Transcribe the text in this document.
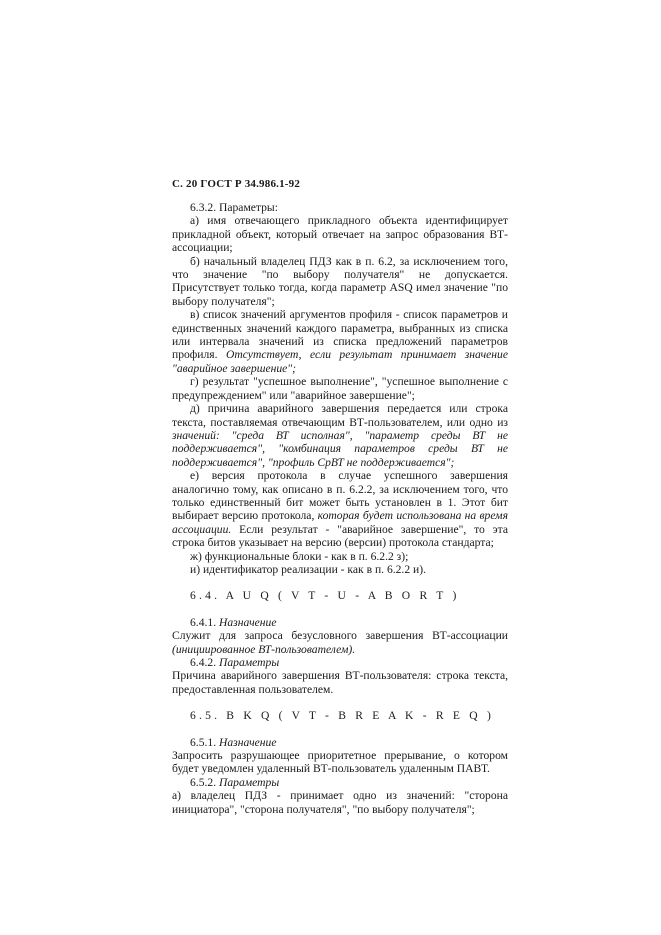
С. 20 ГОСТ Р 34.986.1-92

6.3.2. Параметры:

а) имя отвечающего прикладного объекта идентифицирует прикладной объект, который отвечает на запрос образования ВТ-ассоциации;

б) начальный владелец ПДЗ как в п. 6.2, за исключением того, что значение "по выбору получателя" не допускается. Присутствует только тогда, когда параметр ASQ имел значение "по выбору получателя";

в) список значений аргументов профиля - список параметров и единственных значений каждого параметра, выбранных из списка или интервала значений из списка предложений параметров профиля. Отсутствует, если результат принимает значение "аварийное завершение";

г) результат "успешное выполнение", "успешное выполнение с предупреждением" или "аварийное завершение";

д) причина аварийного завершения передается или строка текста, поставляемая отвечающим ВТ-пользователем, или одно из значений: "среда ВТ исполная", "параметр среды ВТ не поддерживается", "комбинация параметров среды ВТ не поддерживается", "профиль СрВТ не поддерживается";

е) версия протокола в случае успешного завершения аналогично тому, как описано в п. 6.2.2, за исключением того, что только единственный бит может быть установлен в 1. Этот бит выбирает версию протокола, которая будет использована на время ассоциации. Если результат - "аварийное завершение", то эта строка битов указывает на версию (версии) протокола стандарта;

ж) функциональные блоки - как в п. 6.2.2 з);

и) идентификатор реализации - как в п. 6.2.2 и).

6.4. A U Q ( V T - U - A B O R T )

6.4.1. Назначение

Служит для запроса безусловного завершения ВТ-ассоциации (инициированное ВТ-пользователем).

6.4.2. Параметры

Причина аварийного завершения ВТ-пользователя: строка текста, предоставленная пользователем.

6.5. B K Q ( V T - B R E A K - R E Q )

6.5.1. Назначение

Запросить разрушающее приоритетное прерывание, о котором будет уведомлен удаленный ВТ-пользователь удаленным ПАВТ.

6.5.2. Параметры

а) владелец ПДЗ - принимает одно из значений: "сторона инициатора", "сторона получателя", "по выбору получателя";
